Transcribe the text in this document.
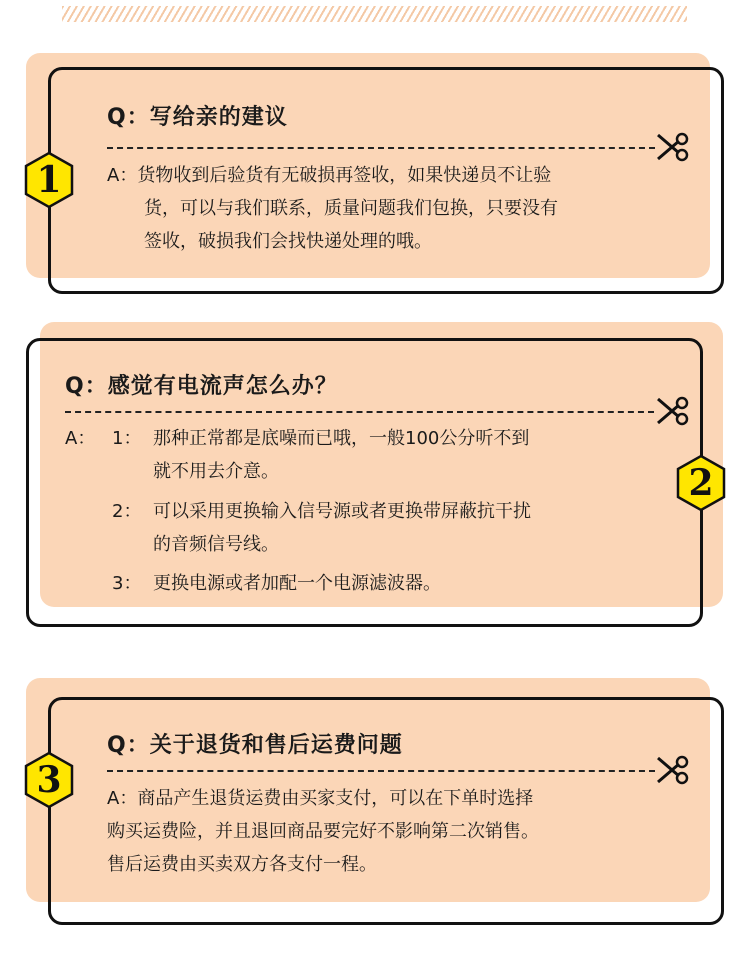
1
Q：写给亲的建议
A：货物收到后验货有无破损再签收，如果快递员不让验
货，可以与我们联系，质量问题我们包换，只要没有
签收，破损我们会找快递处理的哦。
2
Q：感觉有电流声怎么办？
A： 1： 那种正常都是底噪而已哦，一般100公分听不到
就不用去介意。
2： 可以采用更换输入信号源或者更换带屏蔽抗干扰
的音频信号线。
3： 更换电源或者加配一个电源滤波器。
3
Q：关于退货和售后运费问题
A：商品产生退货运费由买家支付，可以在下单时选择
购买运费险，并且退回商品要完好不影响第二次销售。
售后运费由买卖双方各支付一程。
